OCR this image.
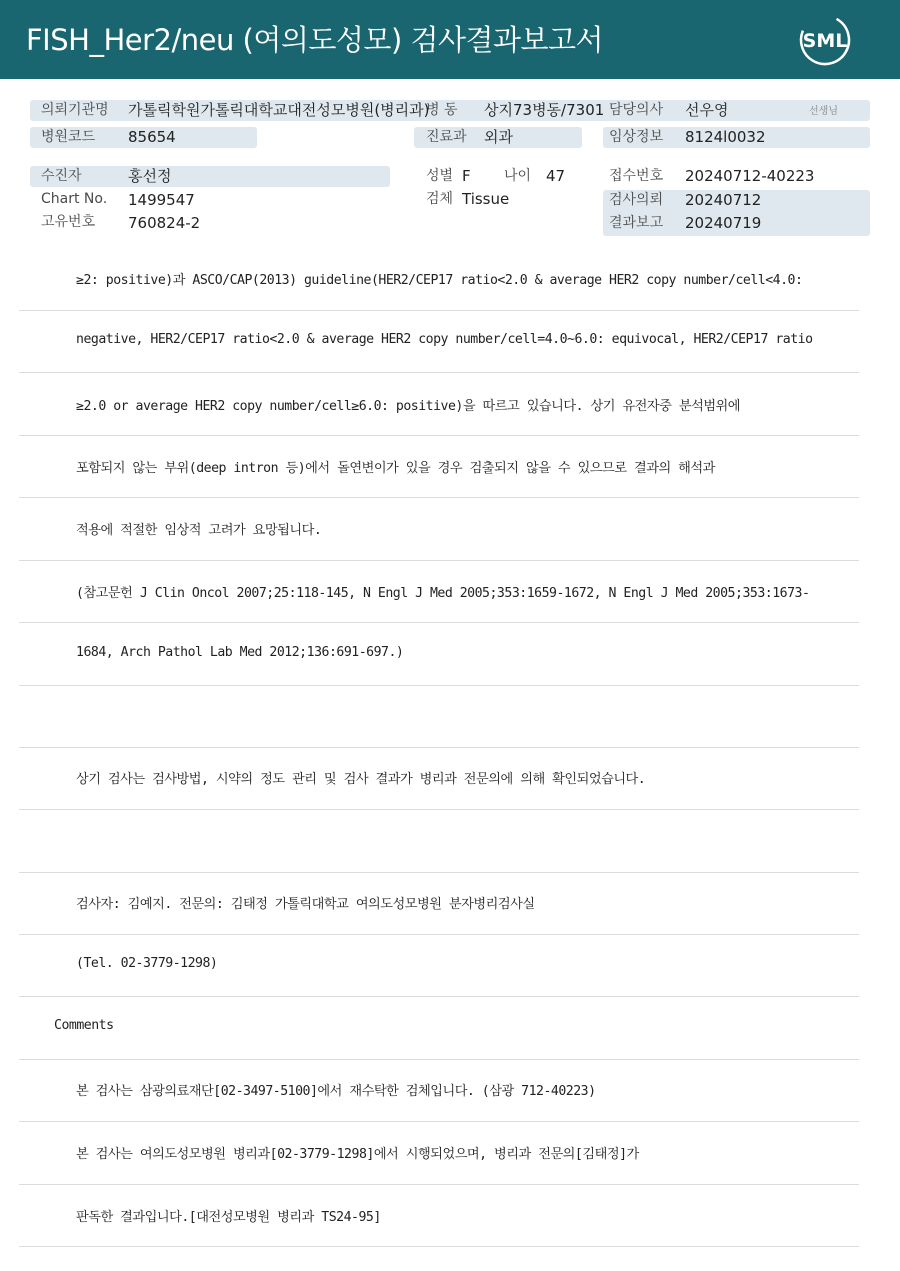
FISH_Her2/neu (여의도성모) 검사결과보고서	SML
의뢰기관명 가톨릭학원가톨릭대학교대전성모병원(병리과)
병 동 상지73병동/7301 담당의사 선우영	선생님
병원코드 85654	진료과 외과	임상정보 8124l0032
수진자	홍선정	성별 F 나이 47	접수번호 20240712-40223
Chart No. 1499547	검체 Tissue	검사의뢰 20240712
고유번호 760824-2	결과보고 20240719
≥2: positive)과 ASCO/CAP(2013) guideline(HER2/CEP17 ratio<2.0 & average HER2 copy number/cell<4.0:
negative, HER2/CEP17 ratio<2.0 & average HER2 copy number/cell=4.0~6.0: equivocal, HER2/CEP17 ratio
≥2.0 or average HER2 copy number/cell≥6.0: positive)을 따르고 있습니다. 상기 유전자중 분석범위에
포함되지 않는 부위(deep intron 등)에서 돌연변이가 있을 경우 검출되지 않을 수 있으므로 결과의 해석과
적용에 적절한 임상적 고려가 요망됩니다.
(참고문헌 J Clin Oncol 2007;25:118-145, N Engl J Med 2005;353:1659-1672, N Engl J Med 2005;353:1673-
1684, Arch Pathol Lab Med 2012;136:691-697.)
상기 검사는 검사방법, 시약의 정도 관리 및 검사 결과가 병리과 전문의에 의해 확인되었습니다.
검사자: 김예지. 전문의: 김태정 가톨릭대학교 여의도성모병원 분자병리검사실
(Tel. 02-3779-1298)
Comments
본 검사는 삼광의료재단[02-3497-5100]에서 재수탁한 검체입니다. (삼광 712-40223)
본 검사는 여의도성모병원 병리과[02-3779-1298]에서 시행되었으며, 병리과 전문의[김태정]가
판독한 결과입니다.[대전성모병원 병리과 TS24-95]
